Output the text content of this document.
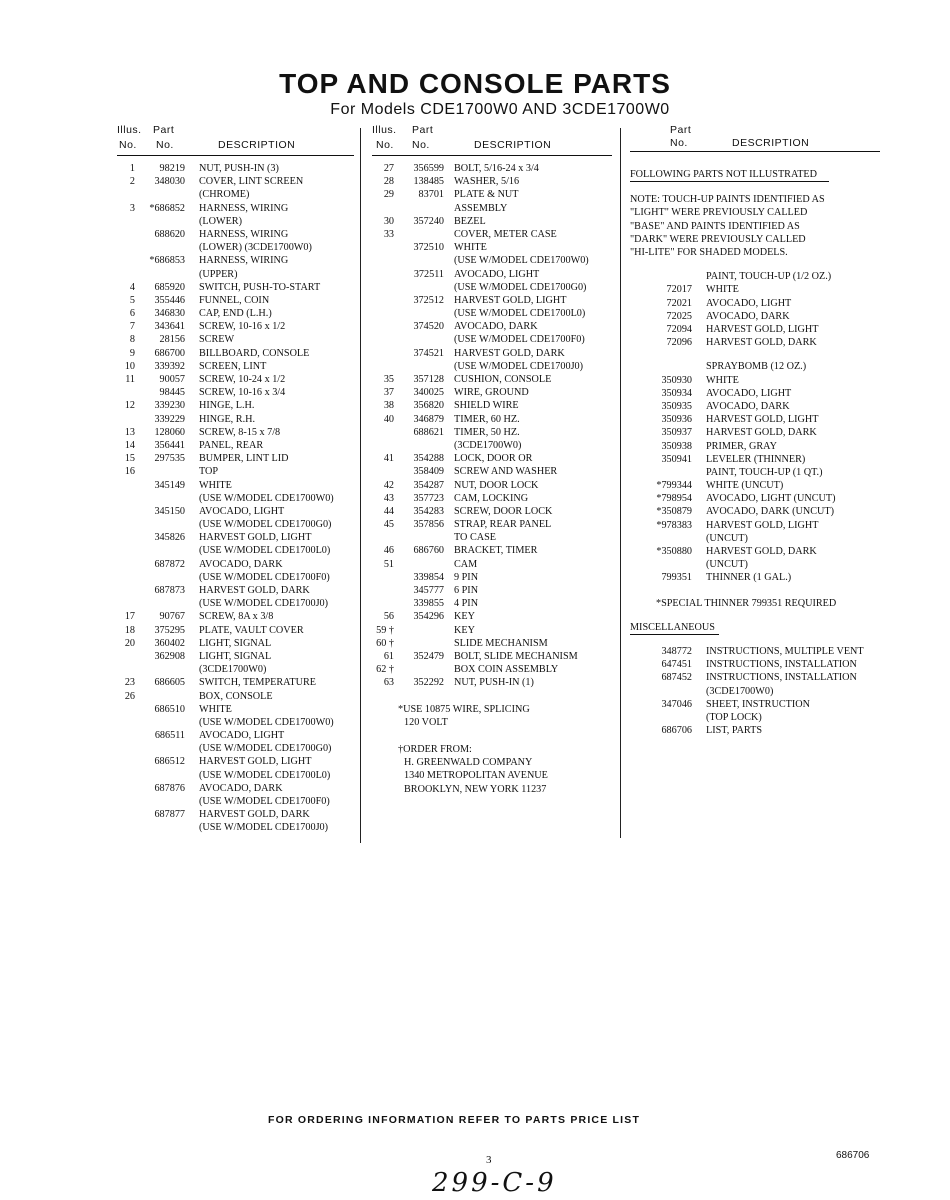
TOP AND CONSOLE PARTS
For Models CDE1700W0 AND 3CDE1700W0
Illus. Part
No. No.	DESCRIPTION
1	98219 NUT, PUSH-IN (3)
2	348030 COVER, LINT SCREEN
(CHROME)
3	*686852 HARNESS, WIRING
(LOWER)
688620 HARNESS, WIRING
(LOWER) (3CDE1700W0)
*686853 HARNESS, WIRING
(UPPER)
4	685920 SWITCH, PUSH-TO-START
5	355446 FUNNEL, COIN
6	346830 CAP, END (L.H.)
7	343641 SCREW, 10-16 x 1/2
8	28156 SCREW
9	686700 BILLBOARD, CONSOLE
10	339392 SCREEN, LINT
11	90057 SCREW, 10-24 x 1/2
98445 SCREW, 10-16 x 3/4
12	339230 HINGE, L.H.
339229 HINGE, R.H.
13	128060 SCREW, 8-15 x 7/8
14	356441 PANEL, REAR
15	297535 BUMPER, LINT LID
16	TOP
345149 WHITE
(USE W/MODEL CDE1700W0)
345150 AVOCADO, LIGHT
(USE W/MODEL CDE1700G0)
345826 HARVEST GOLD, LIGHT
(USE W/MODEL CDE1700L0)
687872 AVOCADO, DARK
(USE W/MODEL CDE1700F0)
687873 HARVEST GOLD, DARK
(USE W/MODEL CDE1700J0)
17	90767 SCREW, 8A x 3/8
18	375295 PLATE, VAULT COVER
20	360402 LIGHT, SIGNAL
362908 LIGHT, SIGNAL
(3CDE1700W0)
23	686605 SWITCH, TEMPERATURE
26	BOX, CONSOLE
686510 WHITE
(USE W/MODEL CDE1700W0)
686511 AVOCADO, LIGHT
(USE W/MODEL CDE1700G0)
686512 HARVEST GOLD, LIGHT
(USE W/MODEL CDE1700L0)
687876 AVOCADO, DARK
(USE W/MODEL CDE1700F0)
687877 HARVEST GOLD, DARK
(USE W/MODEL CDE1700J0)
Illus. Part
No. No.	DESCRIPTION
27	356599 BOLT, 5/16-24 x 3/4
28	138485 WASHER, 5/16
29	83701 PLATE & NUT
ASSEMBLY
30	357240 BEZEL
33	COVER, METER CASE
372510 WHITE
(USE W/MODEL CDE1700W0)
372511 AVOCADO, LIGHT
(USE W/MODEL CDE1700G0)
372512 HARVEST GOLD, LIGHT
(USE W/MODEL CDE1700L0)
374520 AVOCADO, DARK
(USE W/MODEL CDE1700F0)
374521 HARVEST GOLD, DARK
(USE W/MODEL CDE1700J0)
35	357128 CUSHION, CONSOLE
37	340025 WIRE, GROUND
38	356820 SHIELD WIRE
40	346879 TIMER, 60 HZ.
688621 TIMER, 50 HZ.
(3CDE1700W0)
41	354288 LOCK, DOOR OR
358409 SCREW AND WASHER
42	354287 NUT, DOOR LOCK
43	357723 CAM, LOCKING
44	354283 SCREW, DOOR LOCK
45	357856 STRAP, REAR PANEL
TO CASE
46	686760 BRACKET, TIMER
51	CAM
339854 9 PIN
345777 6 PIN
339855 4 PIN
56	354296 KEY
59 †	KEY
60 †	SLIDE MECHANISM
61	352479 BOLT, SLIDE MECHANISM
62 †	BOX COIN ASSEMBLY
63	352292 NUT, PUSH-IN (1)
*USE 10875 WIRE, SPLICING
120 VOLT
†ORDER FROM:
H. GREENWALD COMPANY
1340 METROPOLITAN AVENUE
BROOKLYN, NEW YORK 11237
Part
No.	DESCRIPTION
FOLLOWING PARTS NOT ILLUSTRATED
NOTE: TOUCH-UP PAINTS IDENTIFIED AS
"LIGHT" WERE PREVIOUSLY CALLED
"BASE" AND PAINTS IDENTIFIED AS
"DARK" WERE PREVIOUSLY CALLED
"HI-LITE" FOR SHADED MODELS.
PAINT, TOUCH-UP (1/2 OZ.)
72017 WHITE
72021 AVOCADO, LIGHT
72025 AVOCADO, DARK
72094 HARVEST GOLD, LIGHT
72096 HARVEST GOLD, DARK
SPRAYBOMB (12 OZ.)
350930 WHITE
350934 AVOCADO, LIGHT
350935 AVOCADO, DARK
350936 HARVEST GOLD, LIGHT
350937 HARVEST GOLD, DARK
350938 PRIMER, GRAY
350941 LEVELER (THINNER)
PAINT, TOUCH-UP (1 QT.)
*799344 WHITE (UNCUT)
*798954 AVOCADO, LIGHT (UNCUT)
*350879 AVOCADO, DARK (UNCUT)
*978383 HARVEST GOLD, LIGHT
(UNCUT)
*350880 HARVEST GOLD, DARK
(UNCUT)
799351 THINNER (1 GAL.)
*SPECIAL THINNER 799351 REQUIRED
MISCELLANEOUS
348772 INSTRUCTIONS, MULTIPLE VENT
647451 INSTRUCTIONS, INSTALLATION
687452 INSTRUCTIONS, INSTALLATION
(3CDE1700W0)
347046 SHEET, INSTRUCTION
(TOP LOCK)
686706 LIST, PARTS
FOR ORDERING INFORMATION REFER TO PARTS PRICE LIST
3	686706
299-C-9
